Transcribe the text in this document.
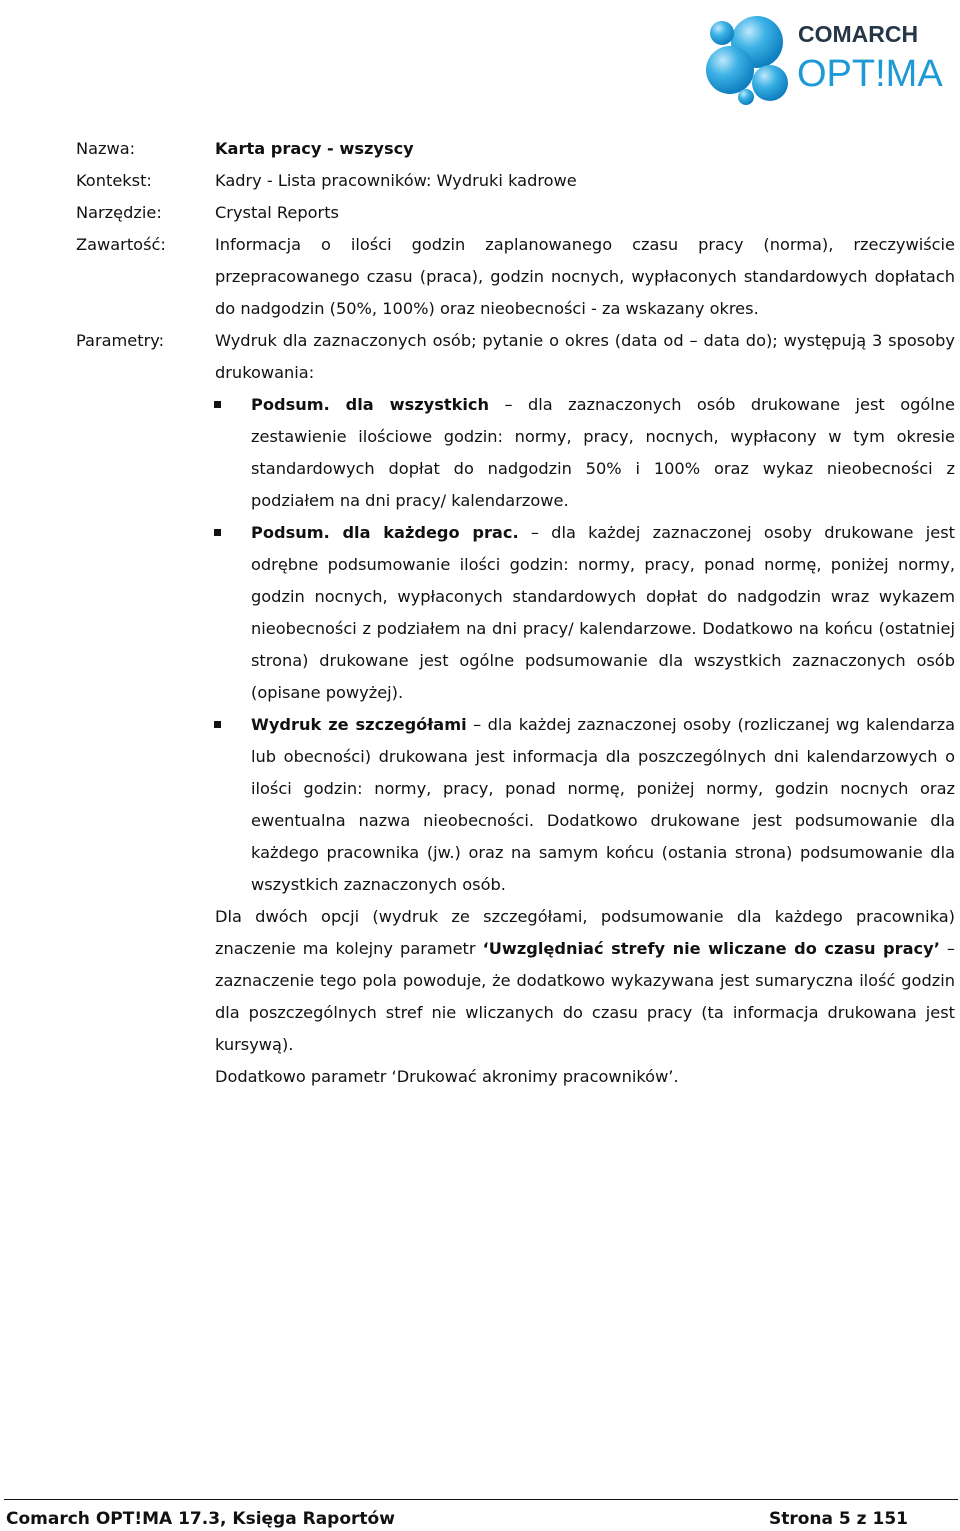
COMARCH
OPT!MA
Nazwa:	Karta pracy - wszyscy
Kontekst:	Kadry - Lista pracowników: Wydruki kadrowe
Narzędzie:	Crystal Reports
Zawartość:	Informacja o ilości godzin zaplanowanego czasu pracy (norma), rzeczywiście przepracowanego czasu (praca), godzin nocnych, wypłaconych standardowych dopłatach do nadgodzin (50%, 100%) oraz nieobecności - za wskazany okres.
Parametry:	Wydruk dla zaznaczonych osób; pytanie o okres (data od – data do); występują 3 sposoby drukowania:
Podsum. dla wszystkich – dla zaznaczonych osób drukowane jest ogólne zestawienie ilościowe godzin: normy, pracy, nocnych, wypłacony w tym okresie standardowych dopłat do nadgodzin 50% i 100% oraz wykaz nieobecności z podziałem na dni pracy/ kalendarzowe.
Podsum. dla każdego prac. – dla każdej zaznaczonej osoby drukowane jest odrębne podsumowanie ilości godzin: normy, pracy, ponad normę, poniżej normy, godzin nocnych, wypłaconych standardowych dopłat do nadgodzin wraz wykazem nieobecności z podziałem na dni pracy/ kalendarzowe. Dodatkowo na końcu (ostatniej strona) drukowane jest ogólne podsumowanie dla wszystkich zaznaczonych osób (opisane powyżej).
Wydruk ze szczegółami – dla każdej zaznaczonej osoby (rozliczanej wg kalendarza lub obecności) drukowana jest informacja dla poszczególnych dni kalendarzowych o ilości godzin: normy, pracy, ponad normę, poniżej normy, godzin nocnych oraz ewentualna nazwa nieobecności. Dodatkowo drukowane jest podsumowanie dla każdego pracownika (jw.) oraz na samym końcu (ostania strona) podsumowanie dla wszystkich zaznaczonych osób.
Dla dwóch opcji (wydruk ze szczegółami, podsumowanie dla każdego pracownika) znaczenie ma kolejny parametr ‘Uwzględniać strefy nie wliczane do czasu pracy’ – zaznaczenie tego pola powoduje, że dodatkowo wykazywana jest sumaryczna ilość godzin dla poszczególnych stref nie wliczanych do czasu pracy (ta informacja drukowana jest kursywą).
Dodatkowo parametr ‘Drukować akronimy pracowników’.
Comarch OPT!MA 17.3, Księga Raportów	Strona 5 z 151
